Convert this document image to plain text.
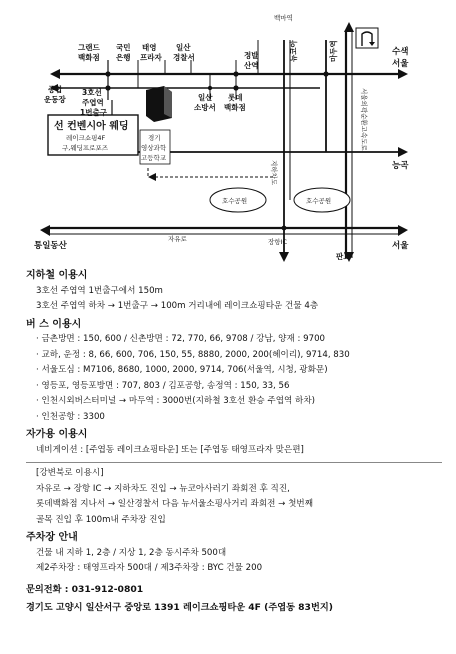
백마역
수색
서울
그랜드
백화점
국민
은행
태영
프라자
일산
경찰서	정발
산역
뉴코아	마두역
종합
운동장
3호선
주엽역
1번출구
일산
소방서
롯데
백화점	서울외곽순환고속도로
선 컨벤시아 웨딩
레이크쇼핑4F
구,웨딩프로포즈
경기
영상과학
고등학교
지하차도	능곡
호수공원	호수공원
통일동산
자유로	장항IC	서울
판교
지하철 이용시
3호선 주엽역 1번출구에서 150m
3호선 주엽역 하차 → 1번출구 → 100m 거리내에 레이크쇼핑타운 건물 4층
버 스 이용시
· 금촌방면 : 150, 600 / 신촌방면 : 72, 770, 66, 9708 / 강남, 양재 : 9700
· 교하, 운정 : 8, 66, 600, 706, 150, 55, 8880, 2000, 200(헤이리), 9714, 830
· 서울도심 : M7106, 8680, 1000, 2000, 9714, 706(서울역, 시청, 광화문)
· 영등포, 영등포방면 : 707, 803 / 김포공항, 송정역 : 150, 33, 56
· 인천시외버스터미널 → 마두역 : 3000번(지하철 3호선 환승 주엽역 하차)
· 인천공항 : 3300
자가용 이용시
네비게이션 : [주엽동 레이크쇼핑타운] 또는 [주엽동 태영프라자 맞은편]
[강변북로 이용시]
자유로 → 장항 IC → 지하차도 진입 → 뉴코아사러기 좌회전 후 직진,
롯데백화점 지나서 → 일산경찰서 다음 뉴서울소핑사거리 좌회전 → 첫번째
골목 진입 후 100m내 주차장 진입
주차장 안내
건물 내 지하 1, 2층 / 지상 1, 2층 동시주차 500대
제2주차장 : 태영프라자 500대 / 제3주차장 : BYC 건물 200
문의전화 : 031-912-0801
경기도 고양시 일산서구 중앙로 1391 레이크쇼핑타운 4F (주엽동 83번지)
